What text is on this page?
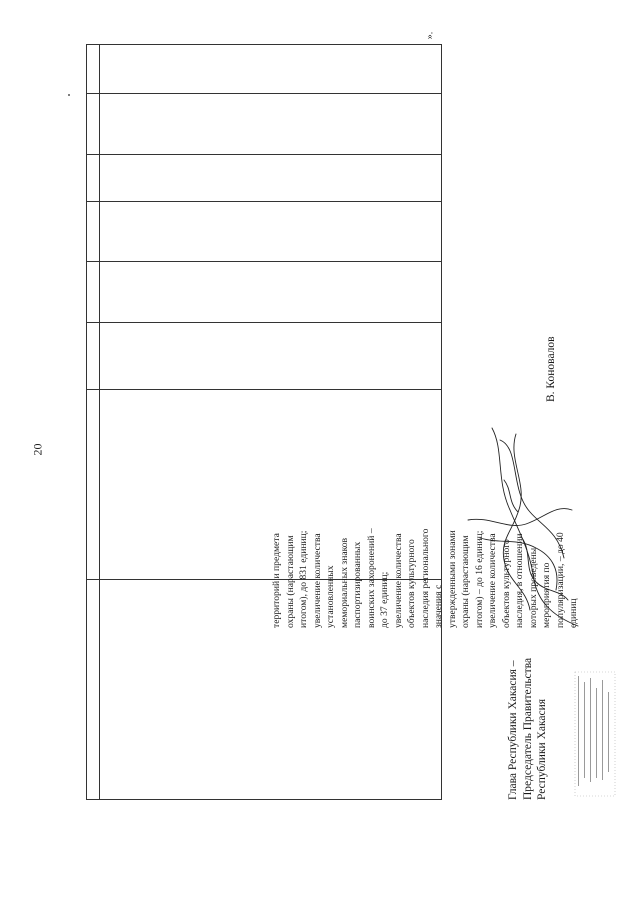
20
».
территорий и предмета
охраны (нарастающим
итогом), до 831 единиц;
увеличение количества
установленных
мемориальных знаков
паспортизированных
воинских захоронений –
до 37 единиц;
увеличение количества
объектов культурного
наследия регионального
значения с
утвержденными зонами
охраны (нарастающим
итогом) – до 16 единиц;
увеличение количества
объектов культурного
наследия, в отношении
которых проведены
мероприятия по
популяризации, – до 40
единиц
Глава Республики Хакасия –
Председатель Правительства
Республики Хакасия
В. Коновалов
